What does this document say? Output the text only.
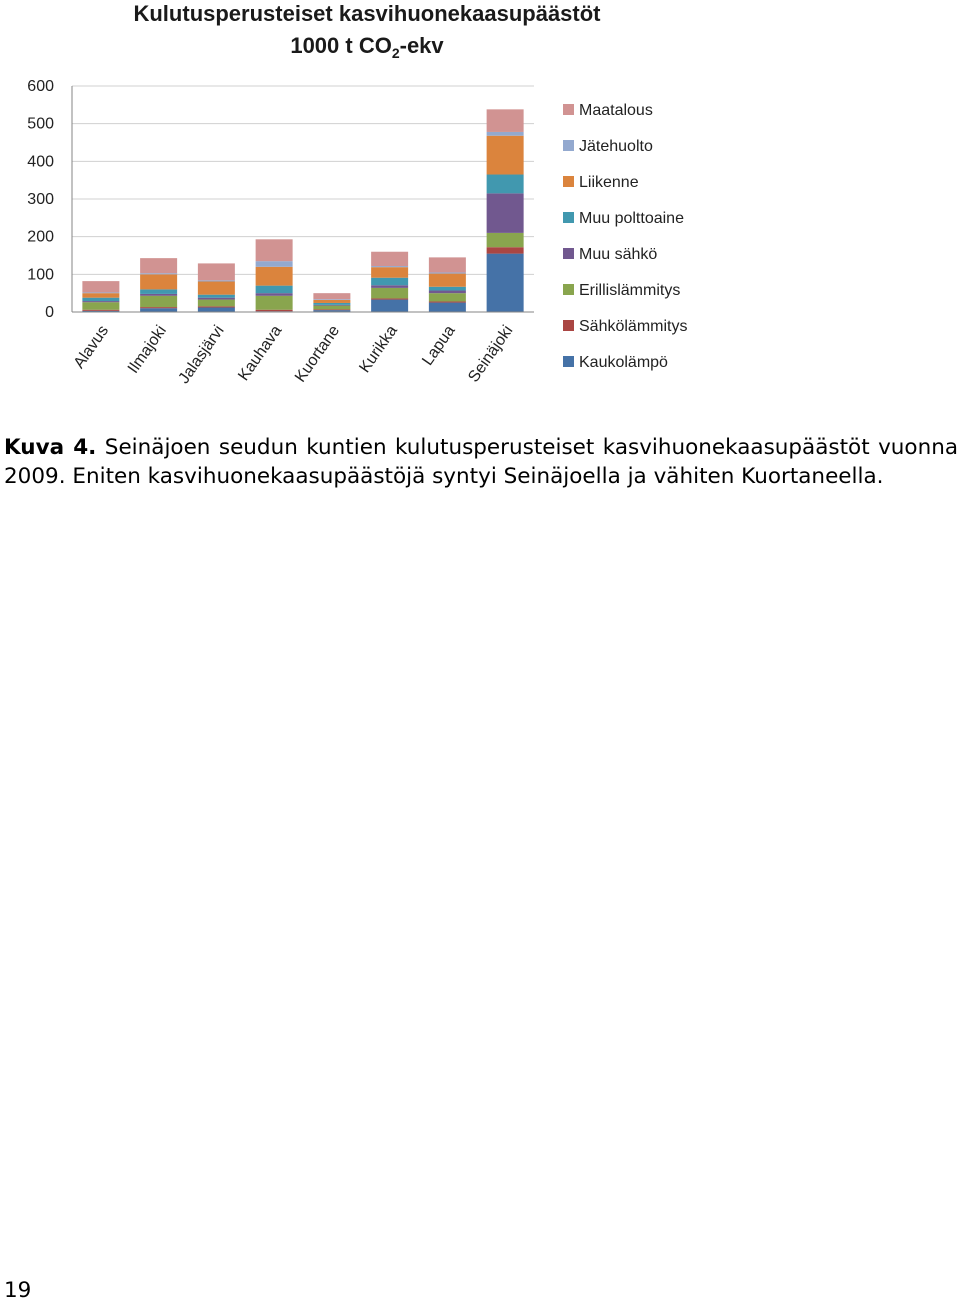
Kulutusperusteiset kasvihuonekaasupäästöt
1000 t $CO_2$-ekv
0
100
200
300
400
500
600
Alavus Ilmajoki Jalasjärvi Kauhava Kuortane Kurikka Lapua Seinäjoki
Maatalous
Jätehuolto
Liikenne
Muu polttoaine
Muu sähkö
Erillislämmitys
Sähkölämmitys
Kaukolämpö
Kuva 4. Seinäjoen seudun kuntien kulutusperusteiset kasvihuonekaasupäästöt vuonna 2009. Eniten kasvihuonekaasupäästöjä syntyi Seinäjoella ja vähiten Kuortaneella.
19
